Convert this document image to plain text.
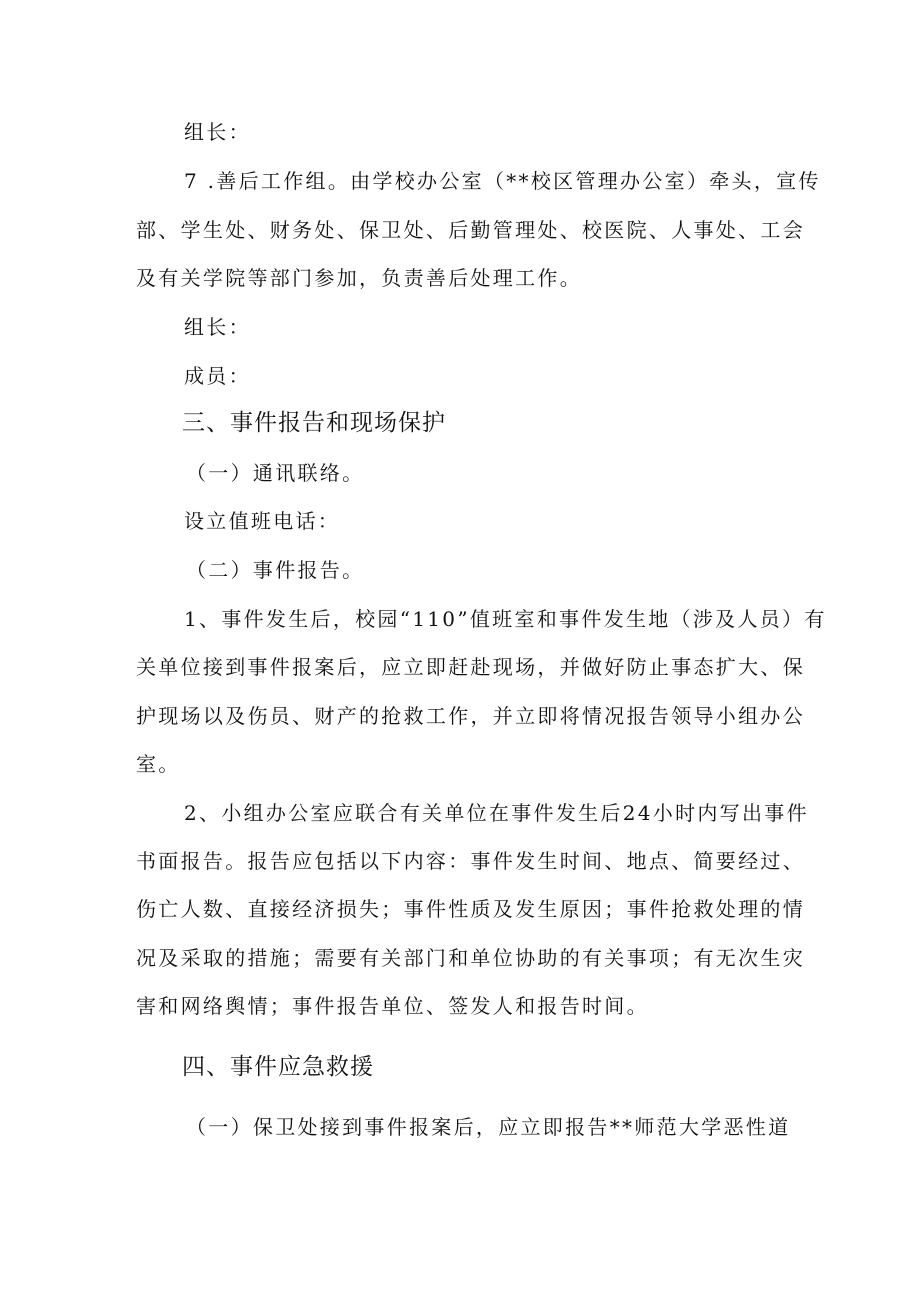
组长：
7 .善后工作组。由学校办公室（**校区管理办公室）牵头，宣传
部、学生处、财务处、保卫处、后勤管理处、校医院、人事处、工会
及有关学院等部门参加，负责善后处理工作。
组长：
成员：
三、事件报告和现场保护
（一）通讯联络。
设立值班电话：
（二）事件报告。
1、事件发生后，校园“110”值班室和事件发生地（涉及人员）有
关单位接到事件报案后，应立即赶赴现场，并做好防止事态扩大、保
护现场以及伤员、财产的抢救工作，并立即将情况报告领导小组办公
室。
2、小组办公室应联合有关单位在事件发生后24小时内写出事件
书面报告。报告应包括以下内容：事件发生时间、地点、简要经过、
伤亡人数、直接经济损失；事件性质及发生原因；事件抢救处理的情
况及采取的措施；需要有关部门和单位协助的有关事项；有无次生灾
害和网络舆情；事件报告单位、签发人和报告时间。
四、事件应急救援
（一）保卫处接到事件报案后，应立即报告**师范大学恶性道
